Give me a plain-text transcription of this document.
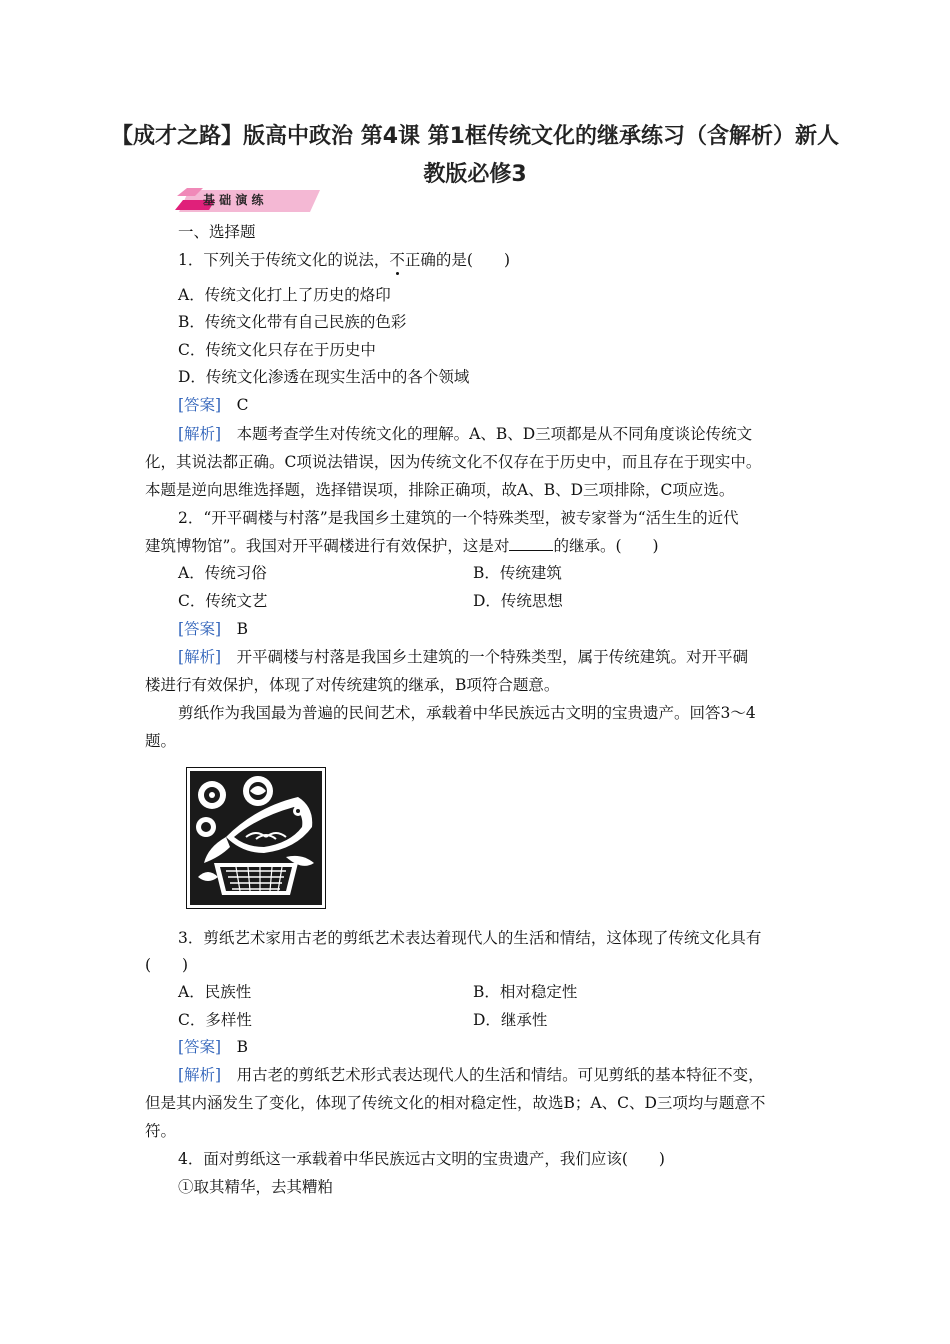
【成才之路】版高中政治 第4课 第1框传统文化的继承练习（含解析）新人教版必修3
基 础 演 练
一、选择题
1．下列关于传统文化的说法，不正确的是(　　)
A．传统文化打上了历史的烙印
B．传统文化带有自己民族的色彩
C．传统文化只存在于历史中
D．传统文化渗透在现实生活中的各个领域
[答案]　 C
[解析]　 本题考查学生对传统文化的理解。A、B、D三项都是从不同角度谈论传统文
化，其说法都正确。C项说法错误，因为传统文化不仅存在于历史中，而且存在于现实中。
本题是逆向思维选择题，选择错误项，排除正确项，故A、B、D三项排除，C项应选。
2．“开平碉楼与村落”是我国乡土建筑的一个特殊类型，被专家誉为“活生生的近代
建筑博物馆”。我国对开平碉楼进行有效保护，这是对	的继承。(　　)
A．传统习俗	B．传统建筑
C．传统文艺	D．传统思想
[答案]　 B
[解析]　 开平碉楼与村落是我国乡土建筑的一个特殊类型，属于传统建筑。对开平碉
楼进行有效保护，体现了对传统建筑的继承，B项符合题意。
剪纸作为我国最为普遍的民间艺术，承载着中华民族远古文明的宝贵遗产。回答3～4
题。
3．剪纸艺术家用古老的剪纸艺术表达着现代人的生活和情结，这体现了传统文化具有
(　　)
A．民族性	B．相对稳定性
C．多样性	D．继承性
[答案]　 B
[解析]　 用古老的剪纸艺术形式表达现代人的生活和情结。可见剪纸的基本特征不变，
但是其内涵发生了变化，体现了传统文化的相对稳定性，故选B；A、C、D三项均与题意不
符。
4．面对剪纸这一承载着中华民族远古文明的宝贵遗产，我们应该(　　)
①取其精华，去其糟粕
